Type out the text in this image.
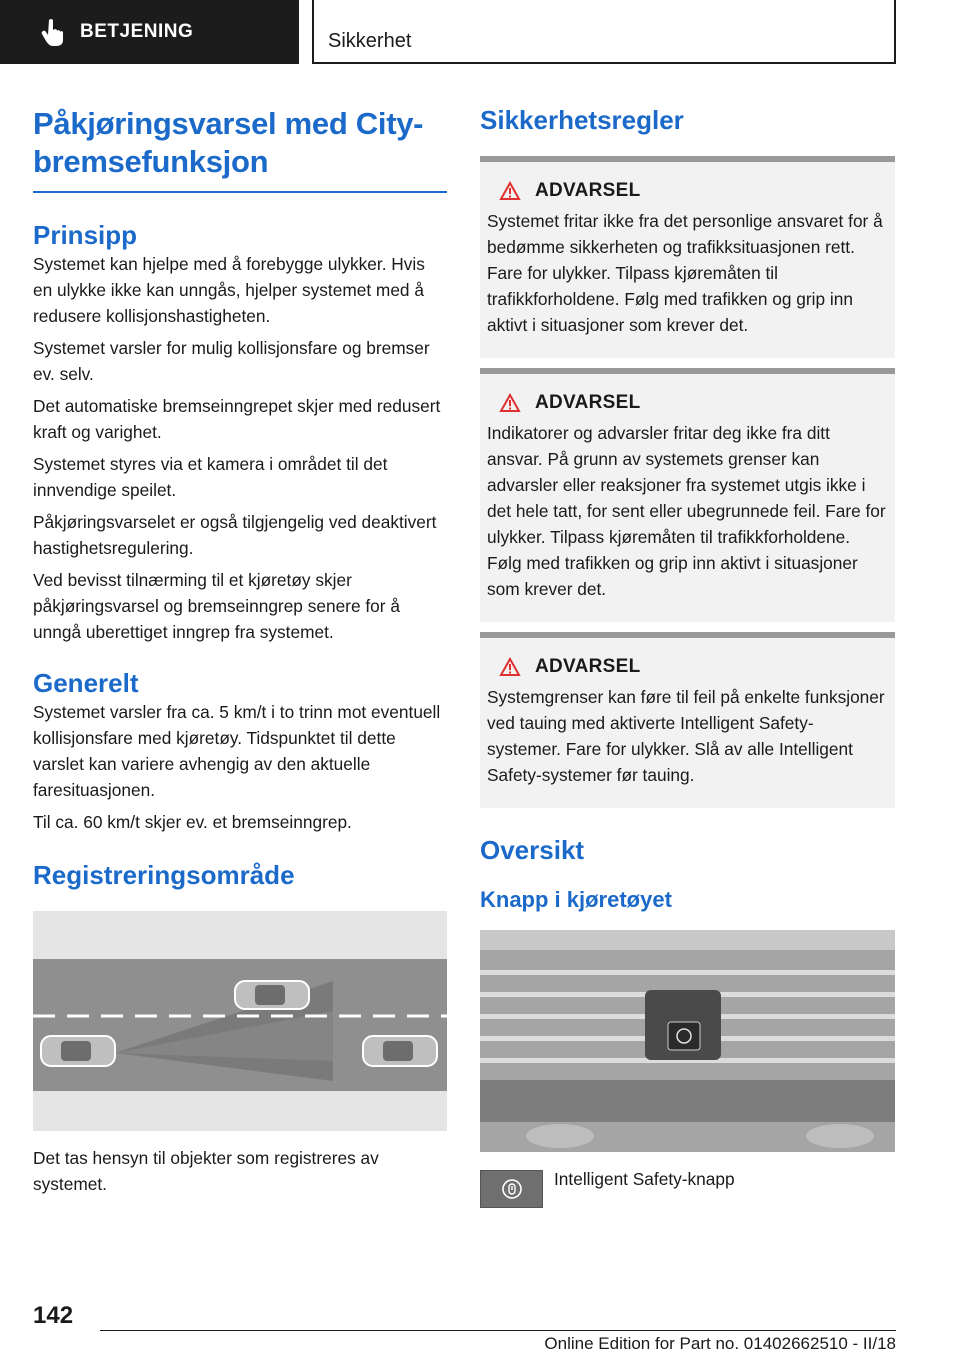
BETJENING	Sikkerhet
Påkjøringsvarsel med City-
bremsefunksjon
Prinsipp

Systemet kan hjelpe med å forebygge ulykker. Hvis en ulykke ikke kan unngås, hjelper systemet med å redusere kollisjonshastigheten.

Systemet varsler for mulig kollisjonsfare og bremser ev. selv.

Det automatiske bremseinngrepet skjer med redusert kraft og varighet.

Systemet styres via et kamera i området til det innvendige speilet.

Påkjøringsvarselet er også tilgjengelig ved deaktivert hastighetsregulering.

Ved bevisst tilnærming til et kjøretøy skjer påkjøringsvarsel og bremseinngrep senere for å unngå uberettiget inngrep fra systemet.

Generelt

Systemet varsler fra ca. 5 km/t i to trinn mot eventuell kollisjonsfare med kjøretøy. Tidspunktet til dette varslet kan variere avhengig av den aktuelle faresituasjonen.

Til ca. 60 km/t skjer ev. et bremseinngrep.

Registreringsområde

Det tas hensyn til objekter som registreres av systemet.

Sikkerhetsregler
ADVARSEL

Systemet fritar ikke fra det personlige ansvaret for å bedømme sikkerheten og trafikksituasjonen rett. Fare for ulykker. Tilpass kjøremåten til trafikkforholdene. Følg med trafikken og grip inn aktivt i situasjoner som krever det.

ADVARSEL

Indikatorer og advarsler fritar deg ikke fra ditt ansvar. På grunn av systemets grenser kan advarsler eller reaksjoner fra systemet utgis ikke i det hele tatt, for sent eller ubegrunnede feil. Fare for ulykker. Tilpass kjøremåten til trafikkforholdene. Følg med trafikken og grip inn aktivt i situasjoner som krever det.

ADVARSEL

Systemgrenser kan føre til feil på enkelte funksjoner ved tauing med aktiverte Intelligent Safety-systemer. Fare for ulykker. Slå av alle Intelligent Safety-systemer før tauing.

Oversikt
Knapp i kjøretøyet

Intelligent Safety-knapp

142
Online Edition for Part no. 01402662510 - II/18
